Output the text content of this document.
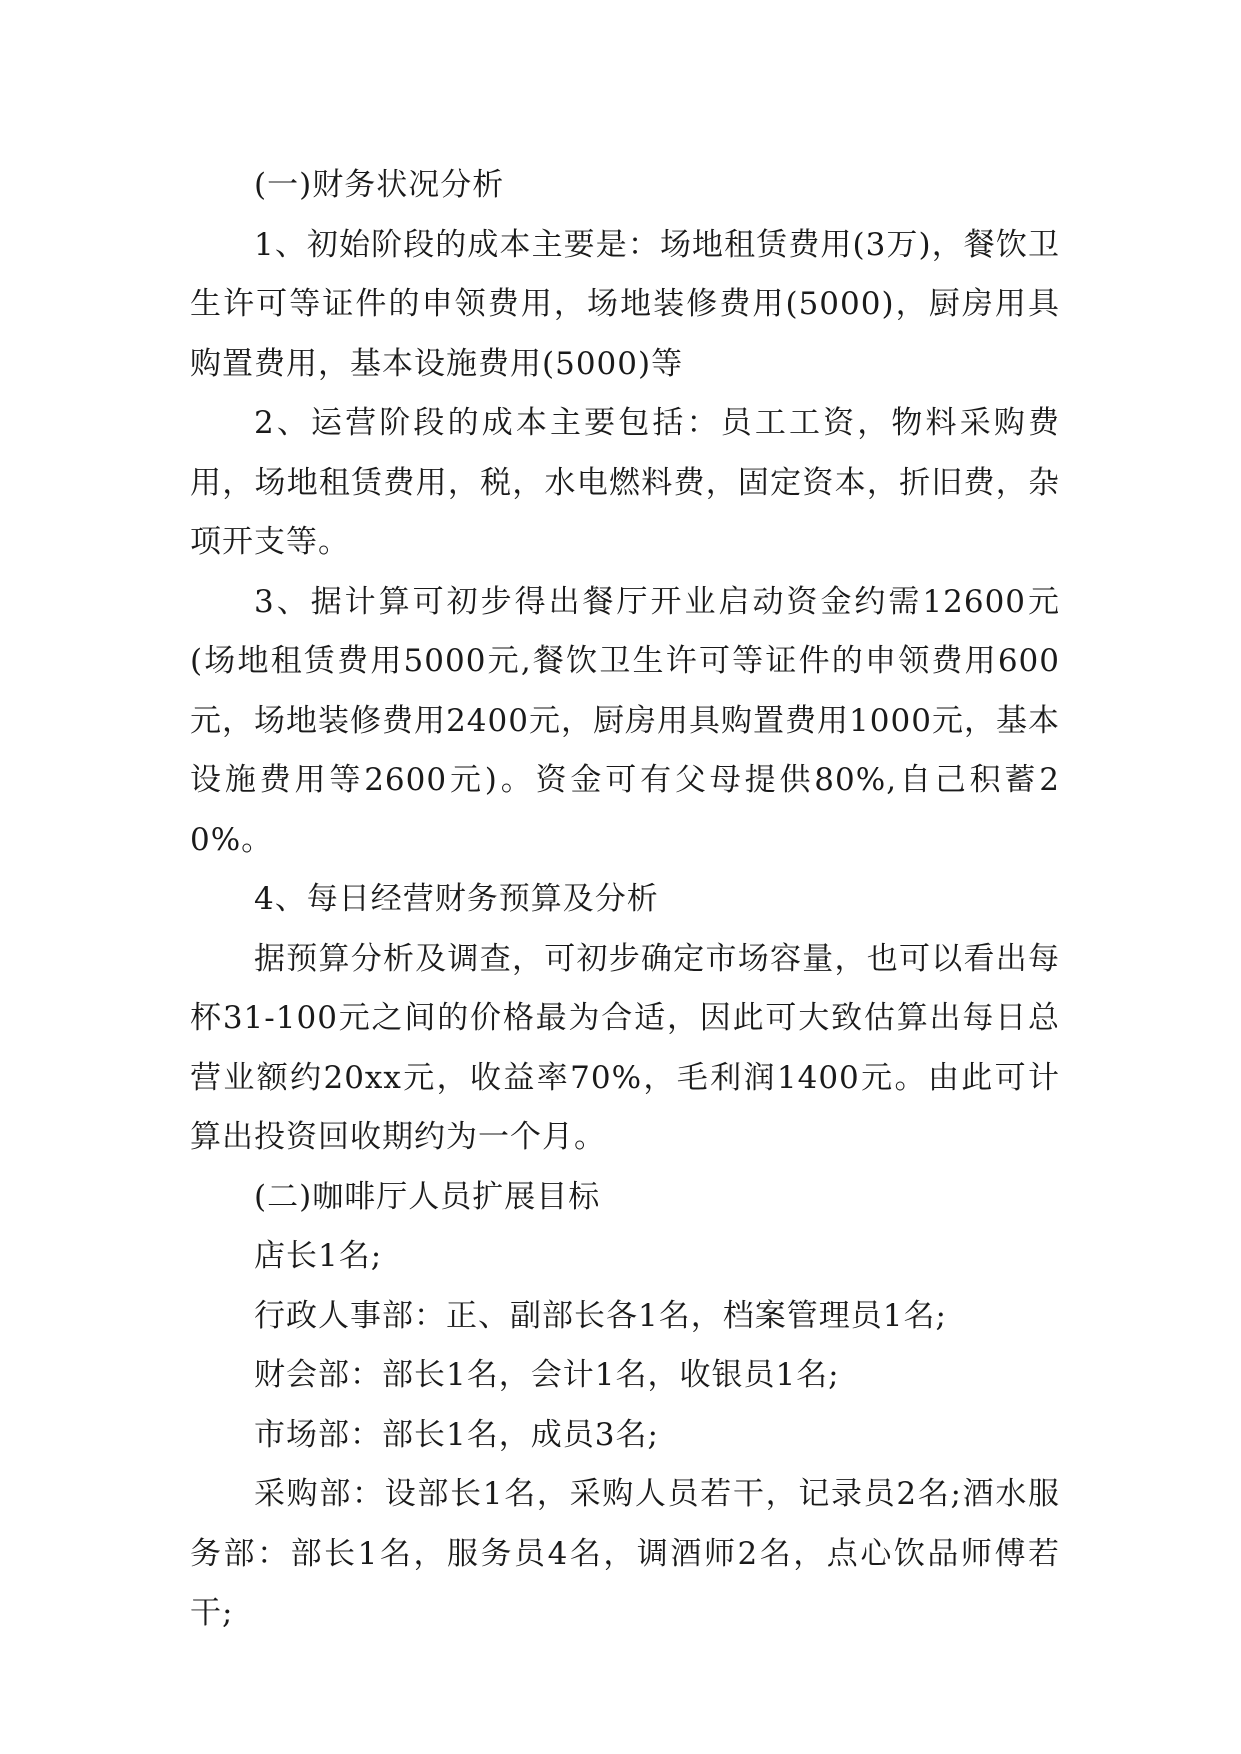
(一)财务状况分析

1、初始阶段的成本主要是：场地租赁费用(3万)，餐饮卫生许可等证件的申领费用，场地装修费用(5000)，厨房用具购置费用，基本设施费用(5000)等

2、运营阶段的成本主要包括：员工工资，物料采购费用，场地租赁费用，税，水电燃料费，固定资本，折旧费，杂项开支等。

3、据计算可初步得出餐厅开业启动资金约需12600元(场地租赁费用5000元,餐饮卫生许可等证件的申领费用600元，场地装修费用2400元，厨房用具购置费用1000元，基本设施费用等2600元)。资金可有父母提供80%,自己积蓄20%。

4、每日经营财务预算及分析

据预算分析及调查，可初步确定市场容量，也可以看出每杯31-100元之间的价格最为合适，因此可大致估算出每日总营业额约20xx元，收益率70%，毛利润1400元。由此可计算出投资回收期约为一个月。

(二)咖啡厅人员扩展目标

店长1名;

行政人事部：正、副部长各1名，档案管理员1名;

财会部：部长1名，会计1名，收银员1名;

市场部：部长1名，成员3名;

采购部：设部长1名，采购人员若干，记录员2名;酒水服务部：部长1名，服务员4名，调酒师2名，点心饮品师傅若干;
